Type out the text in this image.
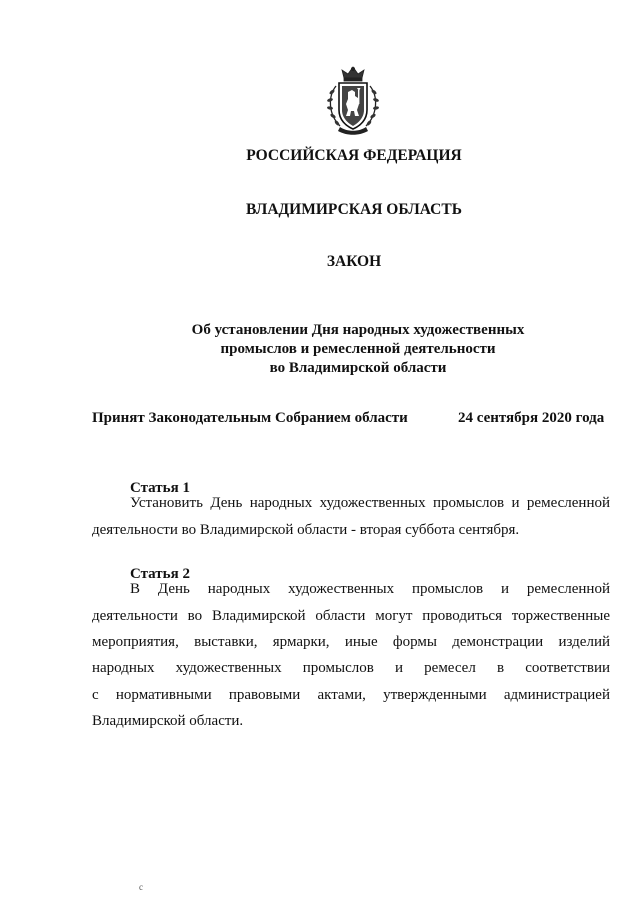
РОССИЙСКАЯ ФЕДЕРАЦИЯ
ВЛАДИМИРСКАЯ ОБЛАСТЬ
ЗАКОН
Об установлении Дня народных художественных
промыслов и ремесленной деятельности
во Владимирской области
Принят Законодательным Собранием области	24 сентября 2020 года
Статья 1
Установить День народных художественных промыслов и ремесленной
деятельности во Владимирской области - вторая суббота сентября.
Статья 2
В День народных художественных промыслов и ремесленной
деятельности во Владимирской области могут проводиться торжественные
мероприятия, выставки, ярмарки, иные формы демонстрации изделий
народных художественных промыслов и ремесел в соответствии
с нормативными правовыми актами, утвержденными администрацией
Владимирской области.
с
